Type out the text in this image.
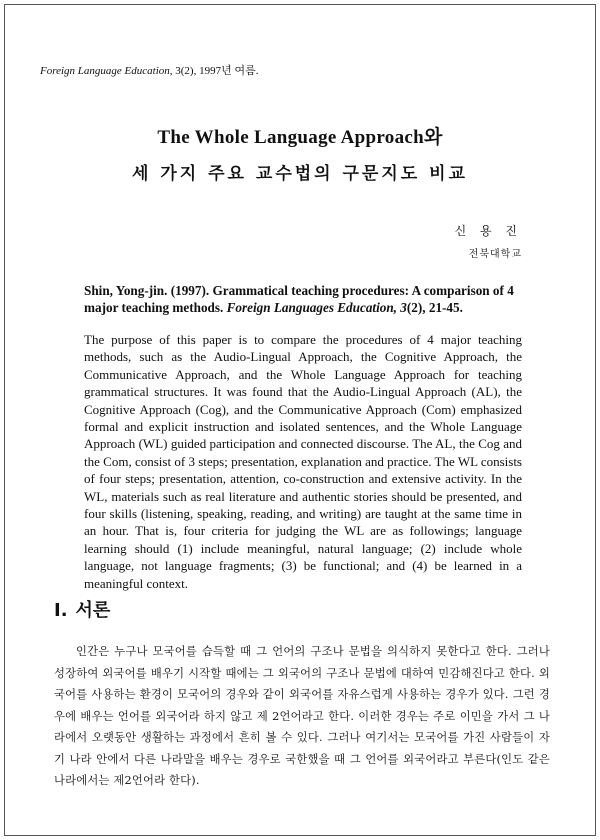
Foreign Language Education, 3(2), 1997년 여름.
The Whole Language Approach와
세 가지 주요 교수법의 구문지도 비교
신 용 진
전북대학교
Shin, Yong-jin. (1997). Grammatical teaching procedures: A comparison of 4 major teaching methods. Foreign Languages Education, 3(2), 21-45.
The purpose of this paper is to compare the procedures of 4 major teaching methods, such as the Audio-Lingual Approach, the Cognitive Approach, the Communicative Approach, and the Whole Language Approach for teaching grammatical structures. It was found that the Audio-Lingual Approach (AL), the Cognitive Approach (Cog), and the Communicative Approach (Com) emphasized formal and explicit instruction and isolated sentences, and the Whole Language Approach (WL) guided participation and connected discourse. The AL, the Cog and the Com, consist of 3 steps; presentation, explanation and practice. The WL consists of four steps; presentation, attention, co-construction and extensive activity. In the WL, materials such as real literature and authentic stories should be presented, and four skills (listening, speaking, reading, and writing) are taught at the same time in an hour. That is, four criteria for judging the WL are as followings; language learning should (1) include meaningful, natural language; (2) include whole language, not language fragments; (3) be functional; and (4) be learned in a meaningful context.
I. 서론
인간은 누구나 모국어를 습득할 때 그 언어의 구조나 문법을 의식하지 못한다고 한다. 그러나 성장하여 외국어를 배우기 시작할 때에는 그 외국어의 구조나 문법에 대하여 민감해진다고 한다. 외국어를 사용하는 환경이 모국어의 경우와 같이 외국어를 자유스럽게 사용하는 경우가 있다. 그런 경우에 배우는 언어를 외국어라 하지 않고 제 2언어라고 한다. 이러한 경우는 주로 이민을 가서 그 나라에서 오랫동안 생활하는 과정에서 흔히 볼 수 있다. 그러나 여기서는 모국어를 가진 사람들이 자기 나라 안에서 다른 나라말을 배우는 경우로 국한했을 때 그 언어를 외국어라고 부른다(인도 같은 나라에서는 제2언어라 한다).
